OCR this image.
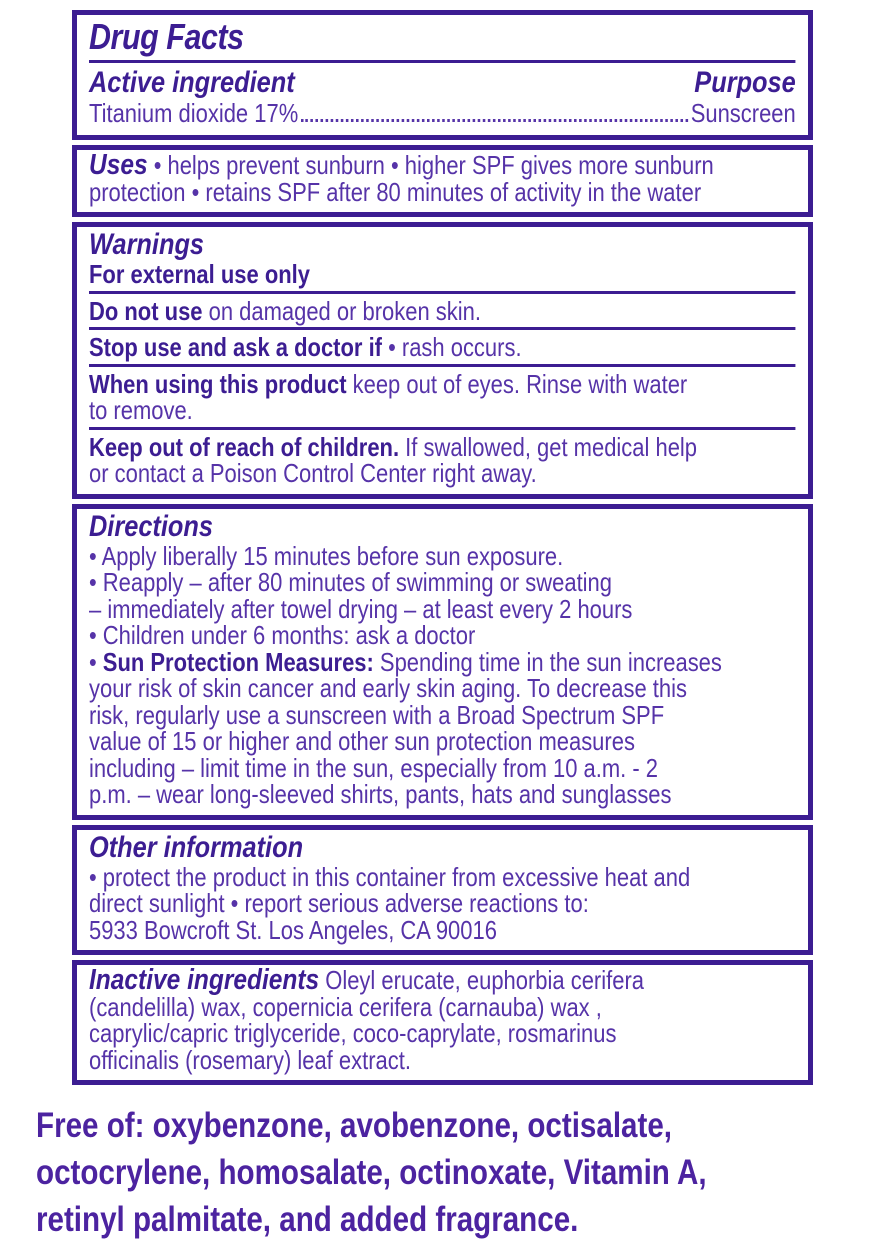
Drug Facts
Active ingredient	Purpose
Titanium dioxide 17%	Sunscreen
Uses • helps prevent sunburn • higher SPF gives more sunburn
protection • retains SPF after 80 minutes of activity in the water
Warnings
For external use only
Do not use on damaged or broken skin.
Stop use and ask a doctor if • rash occurs.
When using this product keep out of eyes. Rinse with water
to remove.
Keep out of reach of children. If swallowed, get medical help
or contact a Poison Control Center right away.
Directions
• Apply liberally 15 minutes before sun exposure.
• Reapply – after 80 minutes of swimming or sweating
– immediately after towel drying – at least every 2 hours
• Children under 6 months: ask a doctor
• Sun Protection Measures: Spending time in the sun increases
your risk of skin cancer and early skin aging. To decrease this
risk, regularly use a sunscreen with a Broad Spectrum SPF
value of 15 or higher and other sun protection measures
including – limit time in the sun, especially from 10 a.m. - 2
p.m. – wear long-sleeved shirts, pants, hats and sunglasses
Other information
• protect the product in this container from excessive heat and
direct sunlight • report serious adverse reactions to:
5933 Bowcroft St. Los Angeles, CA 90016
Inactive ingredients Oleyl erucate, euphorbia cerifera
(candelilla) wax, copernicia cerifera (carnauba) wax ,
caprylic/capric triglyceride, coco-caprylate, rosmarinus
officinalis (rosemary) leaf extract.
Free of: oxybenzone, avobenzone, octisalate,
octocrylene, homosalate, octinoxate, Vitamin A,
retinyl palmitate, and added fragrance.
